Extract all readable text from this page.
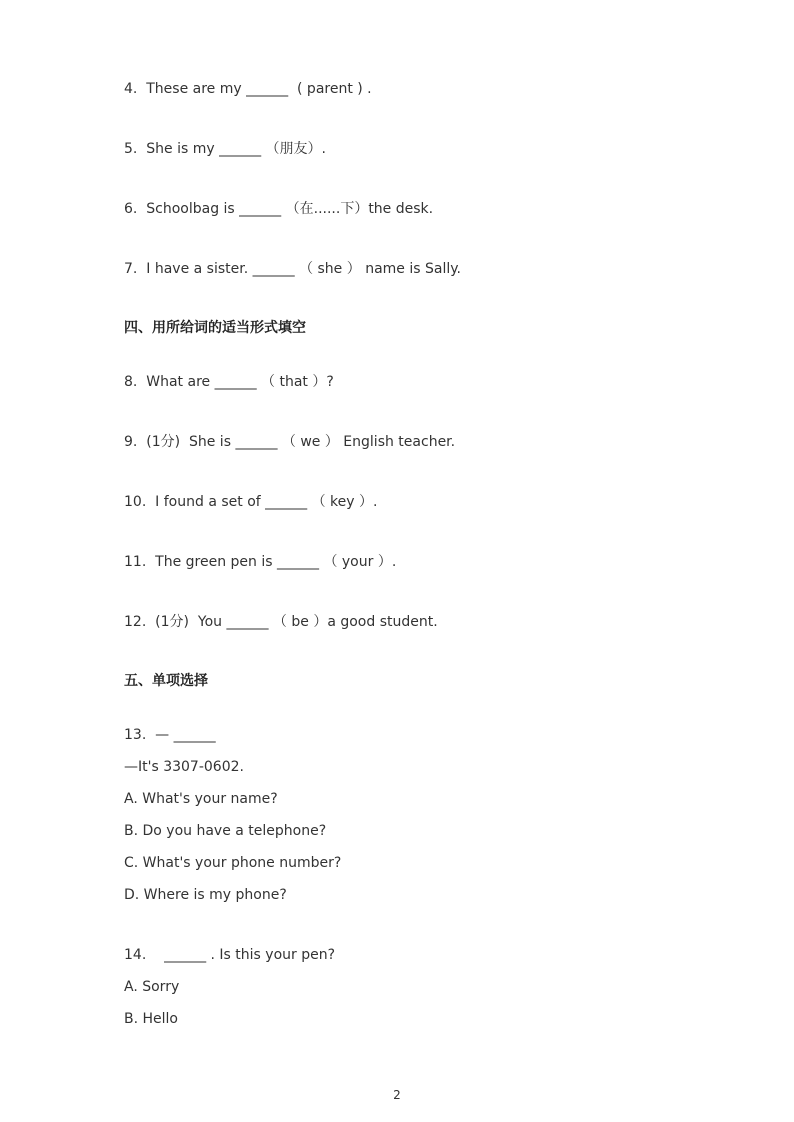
4.  These are my ______  ( parent ) .
5.  She is my ______ （朋友）.
6.  Schoolbag is ______ （在......下）the desk.
7.  I have a sister. ______ （ she ） name is Sally.
四、用所给词的适当形式填空
8.  What are ______ （ that ）?
9.  (1分)  She is ______ （ we ） English teacher.
10.  I found a set of ______ （ key ）.
11.  The green pen is ______ （ your ）.
12.  (1分)  You ______ （ be ）a good student.
五、单项选择
13.  — ______
—It's 3307-0602.
A. What's your name?
B. Do you have a telephone?
C. What's your phone number?
D. Where is my phone?
14.    ______ . Is this your pen?
A. Sorry
B. Hello
2
